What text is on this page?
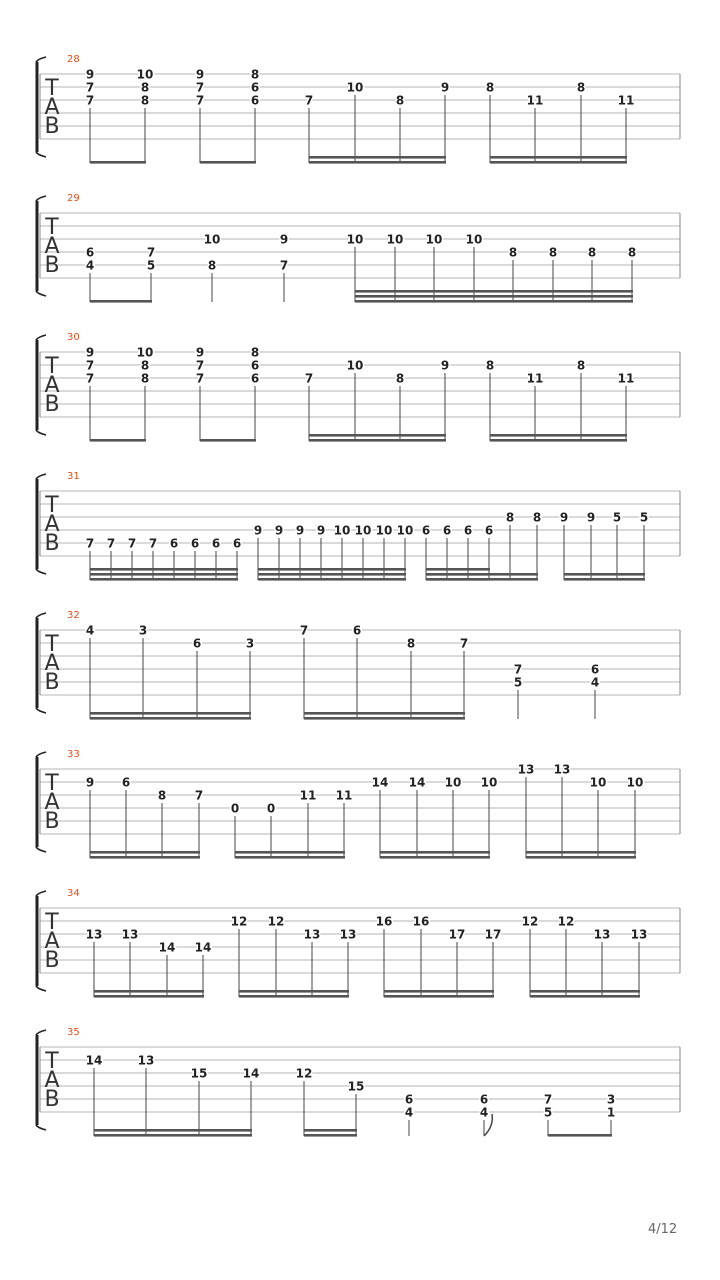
28
T
A
B
9
7
7
10
8
8
9
7
7
8
6
6	7
10
8
9	8
11
8
11
29
T
A
B
6
4
7
5
10
8
9
7
10 10 10 10
8	8	8	8
30
T
A
B
9
7
7
10
8
8
9
7
7
8
6
6	7
10
8
9	8
11
8
11
31
T
A
B 7 7 7 7 6 6 6 6
9 9 9 9 10 10 10 10 6 6 6 6
8 8 9 9 5 5
32
T
A
B
4	3
6	3
7	6
8	7
7
5
6
4
33
T
A
B
9 6
8 7
0 0
11 11
14 14 10 10
13 13
10 10
34
T
A
B
13 13
14 14
12 12
13 13
16 16
17 17
12 12
13 13
35
T
A
B
14	13
15	14	12
15
6
4
6
4
7
5
3
1
4/12
